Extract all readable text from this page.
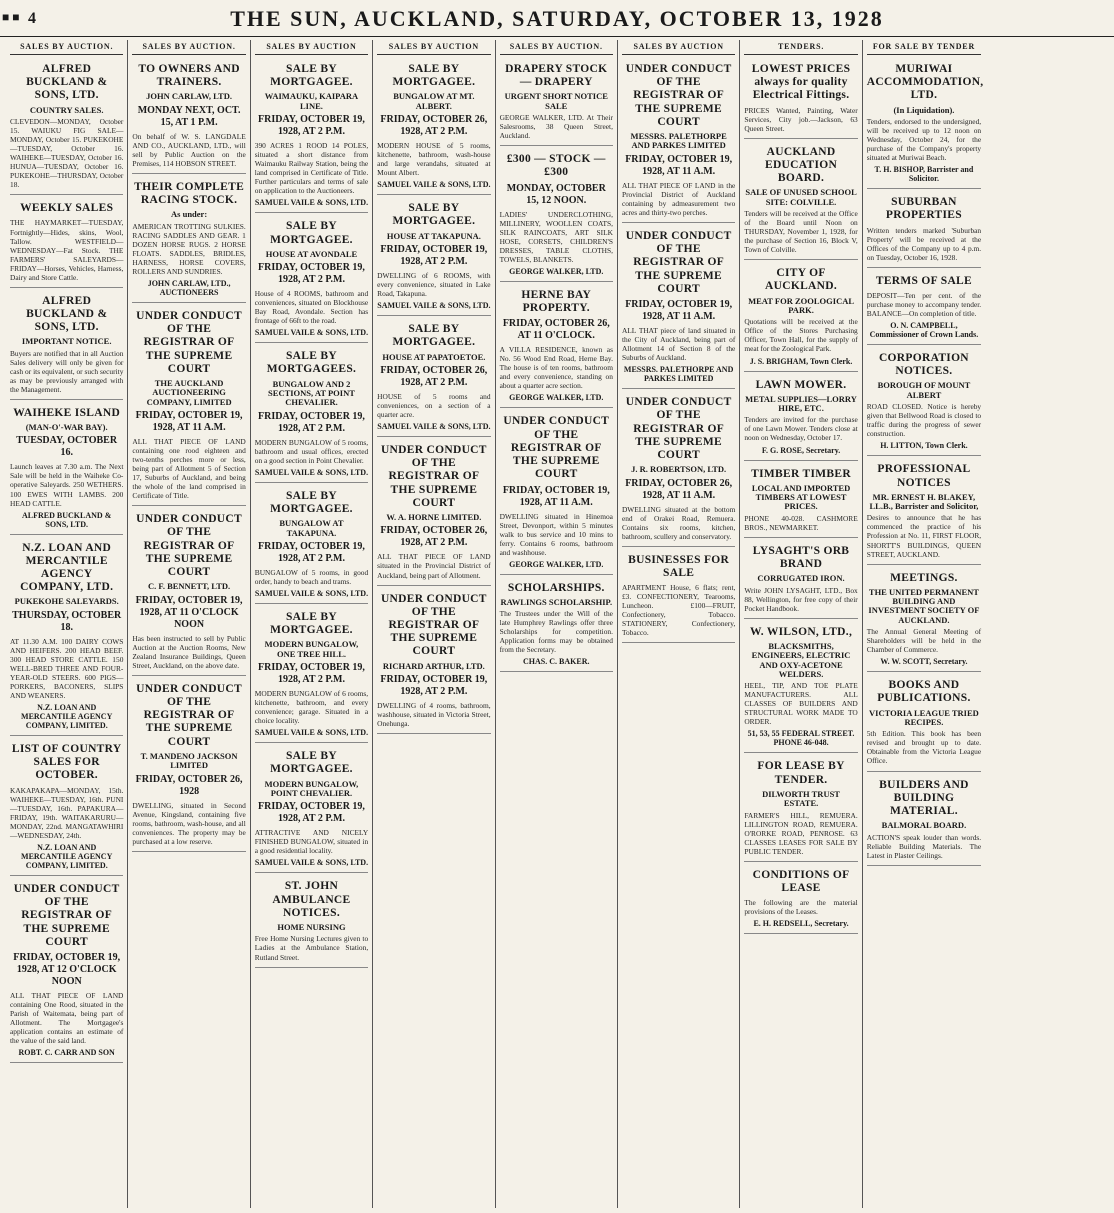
■ ■ 4	THE SUN, AUCKLAND, SATURDAY, OCTOBER 13, 1928
SALES BY AUCTION.
ALFRED BUCKLAND & SONS, LTD.
COUNTRY SALES.
CLEVEDON—MONDAY, October 15. WAIUKU FIG SALE—MONDAY, October 15. PUKEKOHE—TUESDAY, October 16. WAIHEKE—TUESDAY, October 16. HUNUA—TUESDAY, October 16. PUKEKOHE—THURSDAY, October 18.
WEEKLY SALES
THE HAYMARKET—TUESDAY, Fortnightly—Hides, skins, Wool, Tallow. WESTFIELD—WEDNESDAY—Fat Stock. THE FARMERS' SALEYARDS—FRIDAY—Horses, Vehicles, Harness, Dairy and Store Cattle.
ALFRED BUCKLAND & SONS, LTD.
IMPORTANT NOTICE.
Buyers are notified that in all Auction Sales delivery will only be given for cash or its equivalent, or such security as may be previously arranged with the Management.
WAIHEKE ISLAND
(MAN-O'-WAR BAY).
TUESDAY, OCTOBER 16.
Launch leaves at 7.30 a.m. The Next Sale will be held in the Waiheke Co-operative Saleyards. 250 WETHERS. 100 EWES WITH LAMBS. 200 HEAD CATTLE.
ALFRED BUCKLAND & SONS, LTD.
N.Z. LOAN AND MERCANTILE AGENCY COMPANY, LTD.
PUKEKOHE SALEYARDS.
THURSDAY, OCTOBER 18.
AT 11.30 A.M. 100 DAIRY COWS AND HEIFERS. 200 HEAD BEEF. 300 HEAD STORE CATTLE. 150 WELL-BRED THREE AND FOUR-YEAR-OLD STEERS. 600 PIGS—PORKERS, BACONERS, SLIPS AND WEANERS.
N.Z. LOAN AND MERCANTILE AGENCY COMPANY, LIMITED.
LIST OF COUNTRY SALES FOR OCTOBER.
KAKAPAKAPA—MONDAY, 15th. WAIHEKE—TUESDAY, 16th. PUNI—TUESDAY, 16th. PAPAKURA—FRIDAY, 19th. WAITAKARURU—MONDAY, 22nd. MANGATAWHIRI—WEDNESDAY, 24th.
N.Z. LOAN AND MERCANTILE AGENCY COMPANY, LIMITED.
UNDER CONDUCT OF THE REGISTRAR OF THE SUPREME COURT
FRIDAY, OCTOBER 19, 1928, AT 12 O'CLOCK NOON
ALL THAT PIECE OF LAND containing One Rood, situated in the Parish of Waitemata, being part of Allotment. The Mortgagee's application contains an estimate of the value of the said land.
ROBT. C. CARR AND SON
SALES BY AUCTION.
TO OWNERS AND TRAINERS.
JOHN CARLAW, LTD.
MONDAY NEXT, OCT. 15, AT 1 P.M.
On behalf of W. S. LANGDALE AND CO., AUCKLAND, LTD., will sell by Public Auction on the Premises, 114 HOBSON STREET.
THEIR COMPLETE RACING STOCK.
As under:
AMERICAN TROTTING SULKIES. RACING SADDLES AND GEAR. 1 DOZEN HORSE RUGS. 2 HORSE FLOATS. SADDLES, BRIDLES, HARNESS, HORSE COVERS, ROLLERS AND SUNDRIES.
JOHN CARLAW, LTD., AUCTIONEERS
UNDER CONDUCT OF THE REGISTRAR OF THE SUPREME COURT
THE AUCKLAND AUCTIONEERING COMPANY, LIMITED
FRIDAY, OCTOBER 19, 1928, AT 11 A.M.
ALL THAT PIECE OF LAND containing one rood eighteen and two-tenths perches more or less, being part of Allotment 5 of Section 17, Suburbs of Auckland, and being the whole of the land comprised in Certificate of Title.
UNDER CONDUCT OF THE REGISTRAR OF THE SUPREME COURT
C. F. BENNETT, LTD.
FRIDAY, OCTOBER 19, 1928, AT 11 O'CLOCK NOON
Has been instructed to sell by Public Auction at the Auction Rooms, New Zealand Insurance Buildings, Queen Street, Auckland, on the above date.
UNDER CONDUCT OF THE REGISTRAR OF THE SUPREME COURT
T. MANDENO JACKSON LIMITED
FRIDAY, OCTOBER 26, 1928
DWELLING, situated in Second Avenue, Kingsland, containing five rooms, bathroom, wash-house, and all conveniences. The property may be purchased at a low reserve.
SALES BY AUCTION
SALE BY MORTGAGEE.
WAIMAUKU, KAIPARA LINE.
FRIDAY, OCTOBER 19, 1928, AT 2 P.M.
390 ACRES 1 ROOD 14 POLES, situated a short distance from Waimauku Railway Station, being the land comprised in Certificate of Title. Further particulars and terms of sale on application to the Auctioneers.
SAMUEL VAILE & SONS, LTD.
SALE BY MORTGAGEE.
HOUSE AT AVONDALE
FRIDAY, OCTOBER 19, 1928, AT 2 P.M.
House of 4 ROOMS, bathroom and conveniences, situated on Blockhouse Bay Road, Avondale. Section has frontage of 66ft to the road.
SAMUEL VAILE & SONS, LTD.
SALE BY MORTGAGEES.
BUNGALOW AND 2 SECTIONS, AT POINT CHEVALIER.
FRIDAY, OCTOBER 19, 1928, AT 2 P.M.
MODERN BUNGALOW of 5 rooms, bathroom and usual offices, erected on a good section in Point Chevalier.
SAMUEL VAILE & SONS, LTD.
SALE BY MORTGAGEE.
BUNGALOW AT TAKAPUNA.
FRIDAY, OCTOBER 19, 1928, AT 2 P.M.
BUNGALOW of 5 rooms, in good order, handy to beach and trams.
SAMUEL VAILE & SONS, LTD.
SALE BY MORTGAGEE.
MODERN BUNGALOW, ONE TREE HILL.
FRIDAY, OCTOBER 19, 1928, AT 2 P.M.
MODERN BUNGALOW of 6 rooms, kitchenette, bathroom, and every convenience; garage. Situated in a choice locality.
SAMUEL VAILE & SONS, LTD.
SALE BY MORTGAGEE.
MODERN BUNGALOW, POINT CHEVALIER.
FRIDAY, OCTOBER 19, 1928, AT 2 P.M.
ATTRACTIVE AND NICELY FINISHED BUNGALOW, situated in a good residential locality.
SAMUEL VAILE & SONS, LTD.
ST. JOHN AMBULANCE NOTICES.
HOME NURSING
Free Home Nursing Lectures given to Ladies at the Ambulance Station, Rutland Street.
SALES BY AUCTION
SALE BY MORTGAGEE.
BUNGALOW AT MT. ALBERT.
FRIDAY, OCTOBER 26, 1928, AT 2 P.M.
MODERN HOUSE of 5 rooms, kitchenette, bathroom, wash-house and large verandahs, situated at Mount Albert.
SAMUEL VAILE & SONS, LTD.
SALE BY MORTGAGEE.
HOUSE AT TAKAPUNA.
FRIDAY, OCTOBER 19, 1928, AT 2 P.M.
DWELLING of 6 ROOMS, with every convenience, situated in Lake Road, Takapuna.
SAMUEL VAILE & SONS, LTD.
SALE BY MORTGAGEE.
HOUSE AT PAPATOETOE.
FRIDAY, OCTOBER 26, 1928, AT 2 P.M.
HOUSE of 5 rooms and conveniences, on a section of a quarter acre.
SAMUEL VAILE & SONS, LTD.
UNDER CONDUCT OF THE REGISTRAR OF THE SUPREME COURT
W. A. HORNE LIMITED.
FRIDAY, OCTOBER 26, 1928, AT 2 P.M.
ALL THAT PIECE OF LAND situated in the Provincial District of Auckland, being part of Allotment.
UNDER CONDUCT OF THE REGISTRAR OF THE SUPREME COURT
RICHARD ARTHUR, LTD.
FRIDAY, OCTOBER 19, 1928, AT 2 P.M.
DWELLING of 4 rooms, bathroom, washhouse, situated in Victoria Street, Onehunga.
SALES BY AUCTION.
DRAPERY STOCK — DRAPERY
URGENT SHORT NOTICE SALE
GEORGE WALKER, LTD. At Their Salesrooms, 38 Queen Street, Auckland.
£300 — STOCK — £300
MONDAY, OCTOBER 15, 12 NOON.
LADIES' UNDERCLOTHING, MILLINERY, WOOLLEN COATS, SILK RAINCOATS, ART SILK HOSE, CORSETS, CHILDREN'S DRESSES, TABLE CLOTHS, TOWELS, BLANKETS.
GEORGE WALKER, LTD.
HERNE BAY PROPERTY.
FRIDAY, OCTOBER 26, AT 11 O'CLOCK.
A VILLA RESIDENCE, known as No. 56 Wood End Road, Herne Bay. The house is of ten rooms, bathroom and every convenience, standing on about a quarter acre section.
GEORGE WALKER, LTD.
UNDER CONDUCT OF THE REGISTRAR OF THE SUPREME COURT
FRIDAY, OCTOBER 19, 1928, AT 11 A.M.
DWELLING situated in Hinemoa Street, Devonport, within 5 minutes walk to bus service and 10 mins to ferry. Contains 6 rooms, bathroom and washhouse.
GEORGE WALKER, LTD.
SCHOLARSHIPS.
RAWLINGS SCHOLARSHIP.
The Trustees under the Will of the late Humphrey Rawlings offer three Scholarships for competition. Application forms may be obtained from the Secretary.
CHAS. C. BAKER.
SALES BY AUCTION
UNDER CONDUCT OF THE REGISTRAR OF THE SUPREME COURT
MESSRS. PALETHORPE AND PARKES LIMITED
FRIDAY, OCTOBER 19, 1928, AT 11 A.M.
ALL THAT PIECE OF LAND in the Provincial District of Auckland containing by admeasurement two acres and thirty-two perches.
UNDER CONDUCT OF THE REGISTRAR OF THE SUPREME COURT
FRIDAY, OCTOBER 19, 1928, AT 11 A.M.
ALL THAT piece of land situated in the City of Auckland, being part of Allotment 14 of Section 8 of the Suburbs of Auckland.
MESSRS. PALETHORPE AND PARKES LIMITED
UNDER CONDUCT OF THE REGISTRAR OF THE SUPREME COURT
J. R. ROBERTSON, LTD.
FRIDAY, OCTOBER 26, 1928, AT 11 A.M.
DWELLING situated at the bottom end of Orakei Road, Remuera. Contains six rooms, kitchen, bathroom, scullery and conservatory.
BUSINESSES FOR SALE
APARTMENT House, 6 flats; rent, £3. CONFECTIONERY, Tearooms, Luncheon. £100—FRUIT, Confectionery, Tobacco. STATIONERY, Confectionery, Tobacco.
TENDERS.
LOWEST PRICES always for quality Electrical Fittings.
PRICES Wanted, Painting, Water Services, City job.—Jackson, 63 Queen Street.
AUCKLAND EDUCATION BOARD.
SALE OF UNUSED SCHOOL SITE: COLVILLE.
Tenders will be received at the Office of the Board until Noon on THURSDAY, November 1, 1928, for the purchase of Section 16, Block V, Town of Colville.
CITY OF AUCKLAND.
MEAT FOR ZOOLOGICAL PARK.
Quotations will be received at the Office of the Stores Purchasing Officer, Town Hall, for the supply of meat for the Zoological Park.
J. S. BRIGHAM, Town Clerk.
LAWN MOWER.
METAL SUPPLIES—LORRY HIRE, ETC.
Tenders are invited for the purchase of one Lawn Mower. Tenders close at noon on Wednesday, October 17.
F. G. ROSE, Secretary.
TIMBER TIMBER
LOCAL AND IMPORTED TIMBERS AT LOWEST PRICES.
PHONE 40-028. CASHMORE BROS., NEWMARKET.
LYSAGHT'S ORB BRAND
CORRUGATED IRON.
Write JOHN LYSAGHT, LTD., Box 88, Wellington, for free copy of their Pocket Handbook.
W. WILSON, LTD.,
BLACKSMITHS, ENGINEERS, ELECTRIC AND OXY-ACETONE WELDERS.
HEEL, TIP, AND TOE PLATE MANUFACTURERS. ALL CLASSES OF BUILDERS AND STRUCTURAL WORK MADE TO ORDER.
51, 53, 55 FEDERAL STREET. PHONE 46-048.
FOR LEASE BY TENDER.
DILWORTH TRUST ESTATE.
FARMER'S HILL, REMUERA. LILLINGTON ROAD, REMUERA. O'RORKE ROAD, PENROSE. 63 CLASSES LEASES FOR SALE BY PUBLIC TENDER.
CONDITIONS OF LEASE
The following are the material provisions of the Leases.
E. H. REDSELL, Secretary.
FOR SALE BY TENDER
MURIWAI ACCOMMODATION, LTD.
(In Liquidation).
Tenders, endorsed to the undersigned, will be received up to 12 noon on Wednesday, October 24, for the purchase of the Company's property situated at Muriwai Beach.
T. H. BISHOP, Barrister and Solicitor.
SUBURBAN PROPERTIES
Written tenders marked 'Suburban Property' will be received at the Offices of the Company up to 4 p.m. on Tuesday, October 16, 1928.
TERMS OF SALE
DEPOSIT—Ten per cent. of the purchase money to accompany tender. BALANCE—On completion of title.
O. N. CAMPBELL, Commissioner of Crown Lands.
CORPORATION NOTICES.
BOROUGH OF MOUNT ALBERT
ROAD CLOSED. Notice is hereby given that Bellwood Road is closed to traffic during the progress of sewer construction.
H. LITTON, Town Clerk.
PROFESSIONAL NOTICES
MR. ERNEST H. BLAKEY, LL.B., Barrister and Solicitor,
Desires to announce that he has commenced the practice of his Profession at No. 11, FIRST FLOOR, SHORTT'S BUILDINGS, QUEEN STREET, AUCKLAND.
MEETINGS.
THE UNITED PERMANENT BUILDING AND INVESTMENT SOCIETY OF AUCKLAND.
The Annual General Meeting of Shareholders will be held in the Chamber of Commerce.
W. W. SCOTT, Secretary.
BOOKS AND PUBLICATIONS.
VICTORIA LEAGUE TRIED RECIPES.
5th Edition. This book has been revised and brought up to date. Obtainable from the Victoria League Office.
BUILDERS AND BUILDING MATERIAL.
BALMORAL BOARD.
ACTION'S speak louder than words. Reliable Building Materials. The Latest in Plaster Ceilings.
